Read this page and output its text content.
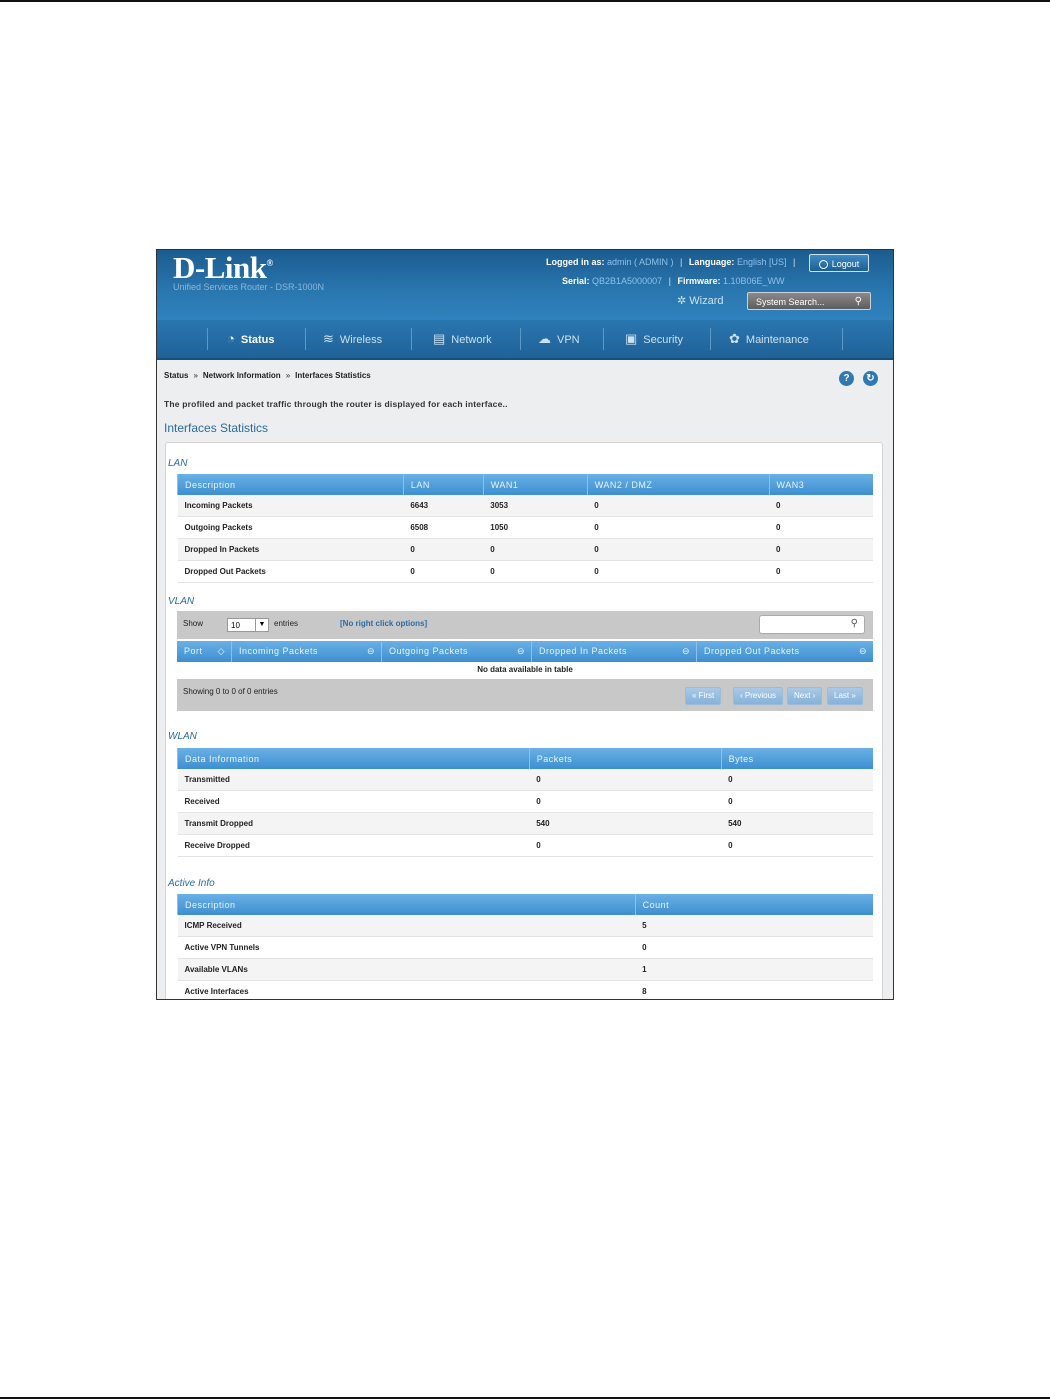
D-Link®
Unified Services Router - DSR-1000N
Logged in as: admin ( ADMIN ) | Language: English [US] |	Logout
Serial: QB2B1A5000007 | Firmware: 1.10B06E_WW
✲ Wizard	System Search...	⚲
◔ Status	≋ Wireless	▤ Network	☁ VPN	▣ Security	✿ Maintenance
Status » Network Information » Interfaces Statistics	?	↻
The profiled and packet traffic through the router is displayed for each interface..
Interfaces Statistics
LAN
Description	LAN	WAN1	WAN2 / DMZ	WAN3
Incoming Packets	6643	3053	0	0
Outgoing Packets	6508	1050	0	0
Dropped In Packets	0	0	0	0
Dropped Out Packets	0	0	0	0
VLAN
Show	10	▼	entries	[No right click options]	⚲
Port ◇	Incoming Packets	⊖	Outgoing Packets	⊖	Dropped In Packets	⊖	Dropped Out Packets	⊖
No data available in table
Showing 0 to 0 of 0 entries	« First	‹ Previous	Next ›	Last »
WLAN
Data Information	Packets	Bytes
Transmitted	0	0
Received	0	0
Transmit Dropped	540	540
Receive Dropped	0	0
Active Info
Description	Count
ICMP Received	5
Active VPN Tunnels	0
Available VLANs	1
Active Interfaces	8
